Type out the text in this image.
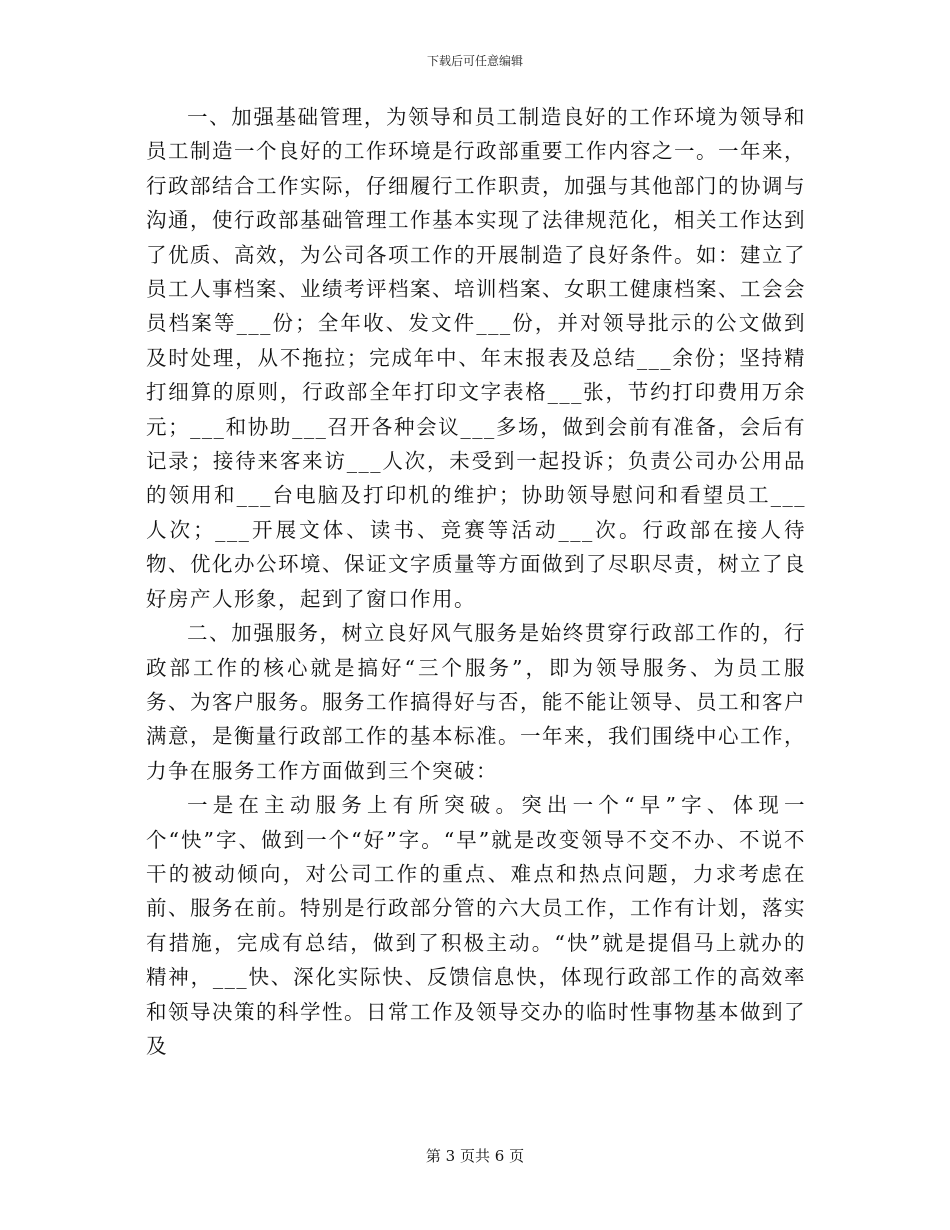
下载后可任意编辑

一、加强基础管理，为领导和员工制造良好的工作环境为领导和员工制造一个良好的工作环境是行政部重要工作内容之一。一年来，行政部结合工作实际，仔细履行工作职责，加强与其他部门的协调与沟通，使行政部基础管理工作基本实现了法律规范化，相关工作达到了优质、高效，为公司各项工作的开展制造了良好条件。如：建立了员工人事档案、业绩考评档案、培训档案、女职工健康档案、工会会员档案等___份；全年收、发文件___份，并对领导批示的公文做到及时处理，从不拖拉；完成年中、年末报表及总结___余份；坚持精打细算的原则，行政部全年打印文字表格___张，节约打印费用万余元；___和协助___召开各种会议___多场，做到会前有准备，会后有记录；接待来客来访___人次，未受到一起投诉；负责公司办公用品的领用和___台电脑及打印机的维护；协助领导慰问和看望员工___人次；___开展文体、读书、竞赛等活动___次。行政部在接人待物、优化办公环境、保证文字质量等方面做到了尽职尽责，树立了良好房产人形象，起到了窗口作用。

二、加强服务，树立良好风气服务是始终贯穿行政部工作的，行政部工作的核心就是搞好“三个服务”，即为领导服务、为员工服务、为客户服务。服务工作搞得好与否，能不能让领导、员工和客户满意，是衡量行政部工作的基本标准。一年来，我们围绕中心工作，力争在服务工作方面做到三个突破：

一是在主动服务上有所突破。突出一个“早”字、体现一个“快”字、做到一个“好”字。“早”就是改变领导不交不办、不说不干的被动倾向，对公司工作的重点、难点和热点问题，力求考虑在前、服务在前。特别是行政部分管的六大员工作，工作有计划，落实有措施，完成有总结，做到了积极主动。“快”就是提倡马上就办的精神，___快、深化实际快、反馈信息快，体现行政部工作的高效率和领导决策的科学性。日常工作及领导交办的临时性事物基本做到了及

第 3 页共 6 页
